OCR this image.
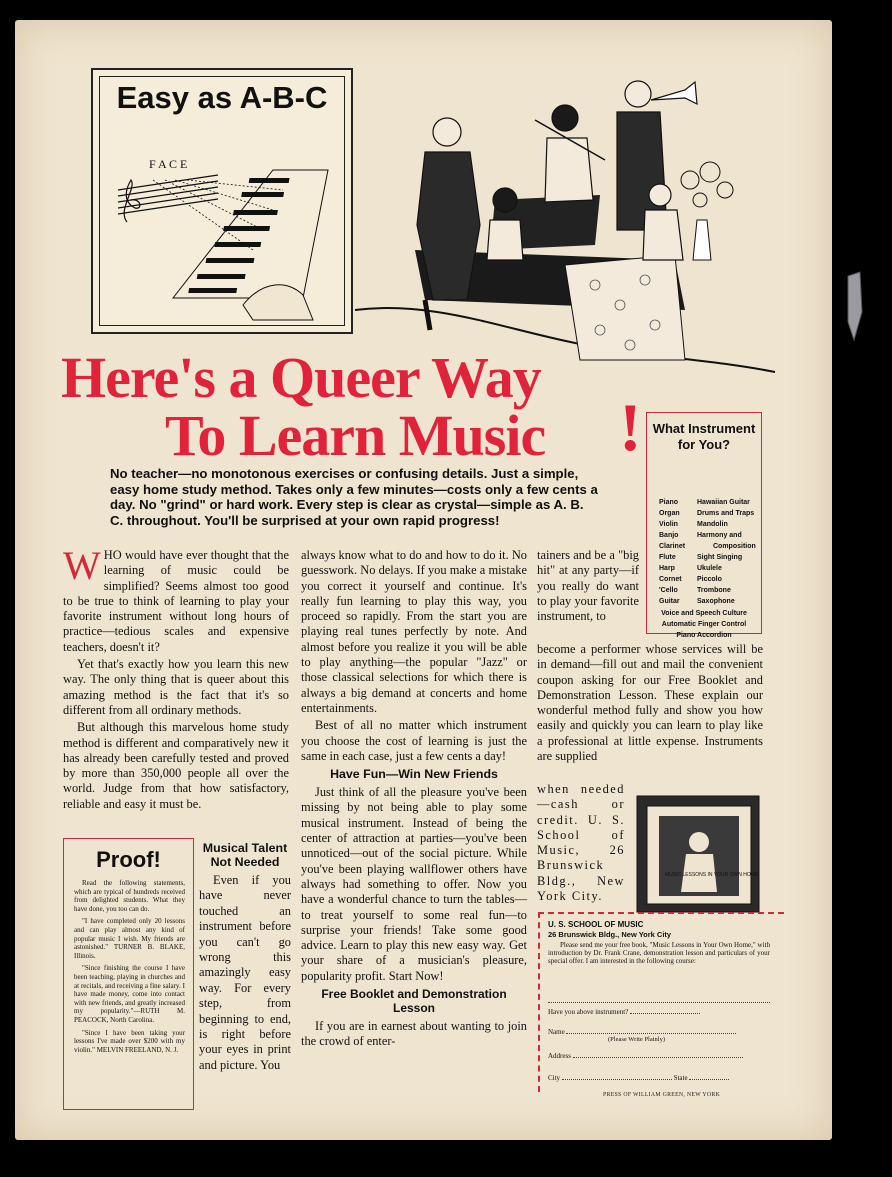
Easy as A-B-C
F A C E
Here's a Queer Way
To Learn Music !
No teacher—no monotonous exercises or confusing details. Just a simple, easy home study method. Takes only a few minutes—costs only a few cents a day. No "grind" or hard work. Every step is clear as crystal—simple as A. B. C. throughout. You'll be surprised at your own rapid progress!
What Instrument for You?
Piano
Organ
Violin
Banjo
Clarinet
Flute
Harp
Cornet
'Cello
Guitar
Hawaiian Guitar
Drums and Traps
Mandolin
Harmony and
Composition
Sight Singing
Ukulele
Piccolo
Trombone
Saxophone
Voice and Speech Culture
Automatic Finger Control
Piano Accordion

WHO would have ever thought that the learning of music could be simplified? Seems almost too good to be true to think of learning to play your favorite instrument without long hours of practice—tedious scales and expensive teachers, doesn't it?

Yet that's exactly how you learn this new way. The only thing that is queer about this amazing method is the fact that it's so different from all ordinary methods.

But although this marvelous home study method is different and comparatively new it has already been carefully tested and proved by more than 350,000 people all over the world. Judge from that how satisfactory, reliable and easy it must be.

Proof!

Read the following statements, which are typical of hundreds received from delighted students. What they have done, you too can do.

"I have completed only 20 lessons and can play almost any kind of popular music I wish. My friends are astonished." TURNER B. BLAKE, Illinois.

"Since finishing the course I have been teaching, playing in churches and at recitals, and receiving a fine salary. I have made money, come into contact with new friends, and greatly increased my popularity."—RUTH M. PEACOCK, North Carolina.

"Since I have been taking your lessons I've made over $200 with my violin." MELVIN FREELAND, N. J.

Musical Talent Not Needed

Even if you have never touched an instrument before you can't go wrong this amazingly easy way. For every step, from beginning to end, is right before your eyes in print and picture. You

always know what to do and how to do it. No guesswork. No delays. If you make a mistake you correct it yourself and continue. It's really fun learning to play this way, you proceed so rapidly. From the start you are playing real tunes perfectly by note. And almost before you realize it you will be able to play anything—the popular "Jazz" or those classical selections for which there is always a big demand at concerts and home entertainments.

Best of all no matter which instrument you choose the cost of learning is just the same in each case, just a few cents a day!

Have Fun—Win New Friends

Just think of all the pleasure you've been missing by not being able to play some musical instrument. Instead of being the center of attraction at parties—you've been unnoticed—out of the social picture. While you've been playing wallflower others have always had something to offer. Now you have a wonderful chance to turn the tables—to treat yourself to some real fun—to surprise your friends! Take some good advice. Learn to play this new easy way. Get your share of a musician's pleasure, popularity profit. Start Now!

Free Booklet and Demonstration Lesson

If you are in earnest about wanting to join the crowd of enter-

tainers and be a "big hit" at any party—if you really do want to play your favorite instrument, to

become a performer whose services will be in demand—fill out and mail the convenient coupon asking for our Free Booklet and Demonstration Lesson. These explain our wonderful method fully and show you how easily and quickly you can learn to play like a professional at little expense. Instruments are supplied

when needed—cash or credit. U. S. School of Music, 26 Brunswick Bldg., New York City.

MUSIC LESSONS IN YOUR OWN HOME
U. S. SCHOOL OF MUSIC
26 Brunswick Bldg., New York City
Please send me your free book, "Music Lessons in Your Own Home," with introduction by Dr. Frank Crane, demonstration lesson and particulars of your special offer. I am interested in the following course:
Have you above instrument?
Name
(Please Write Plainly)
Address
City	State
PRESS OF WILLIAM GREEN, NEW YORK
